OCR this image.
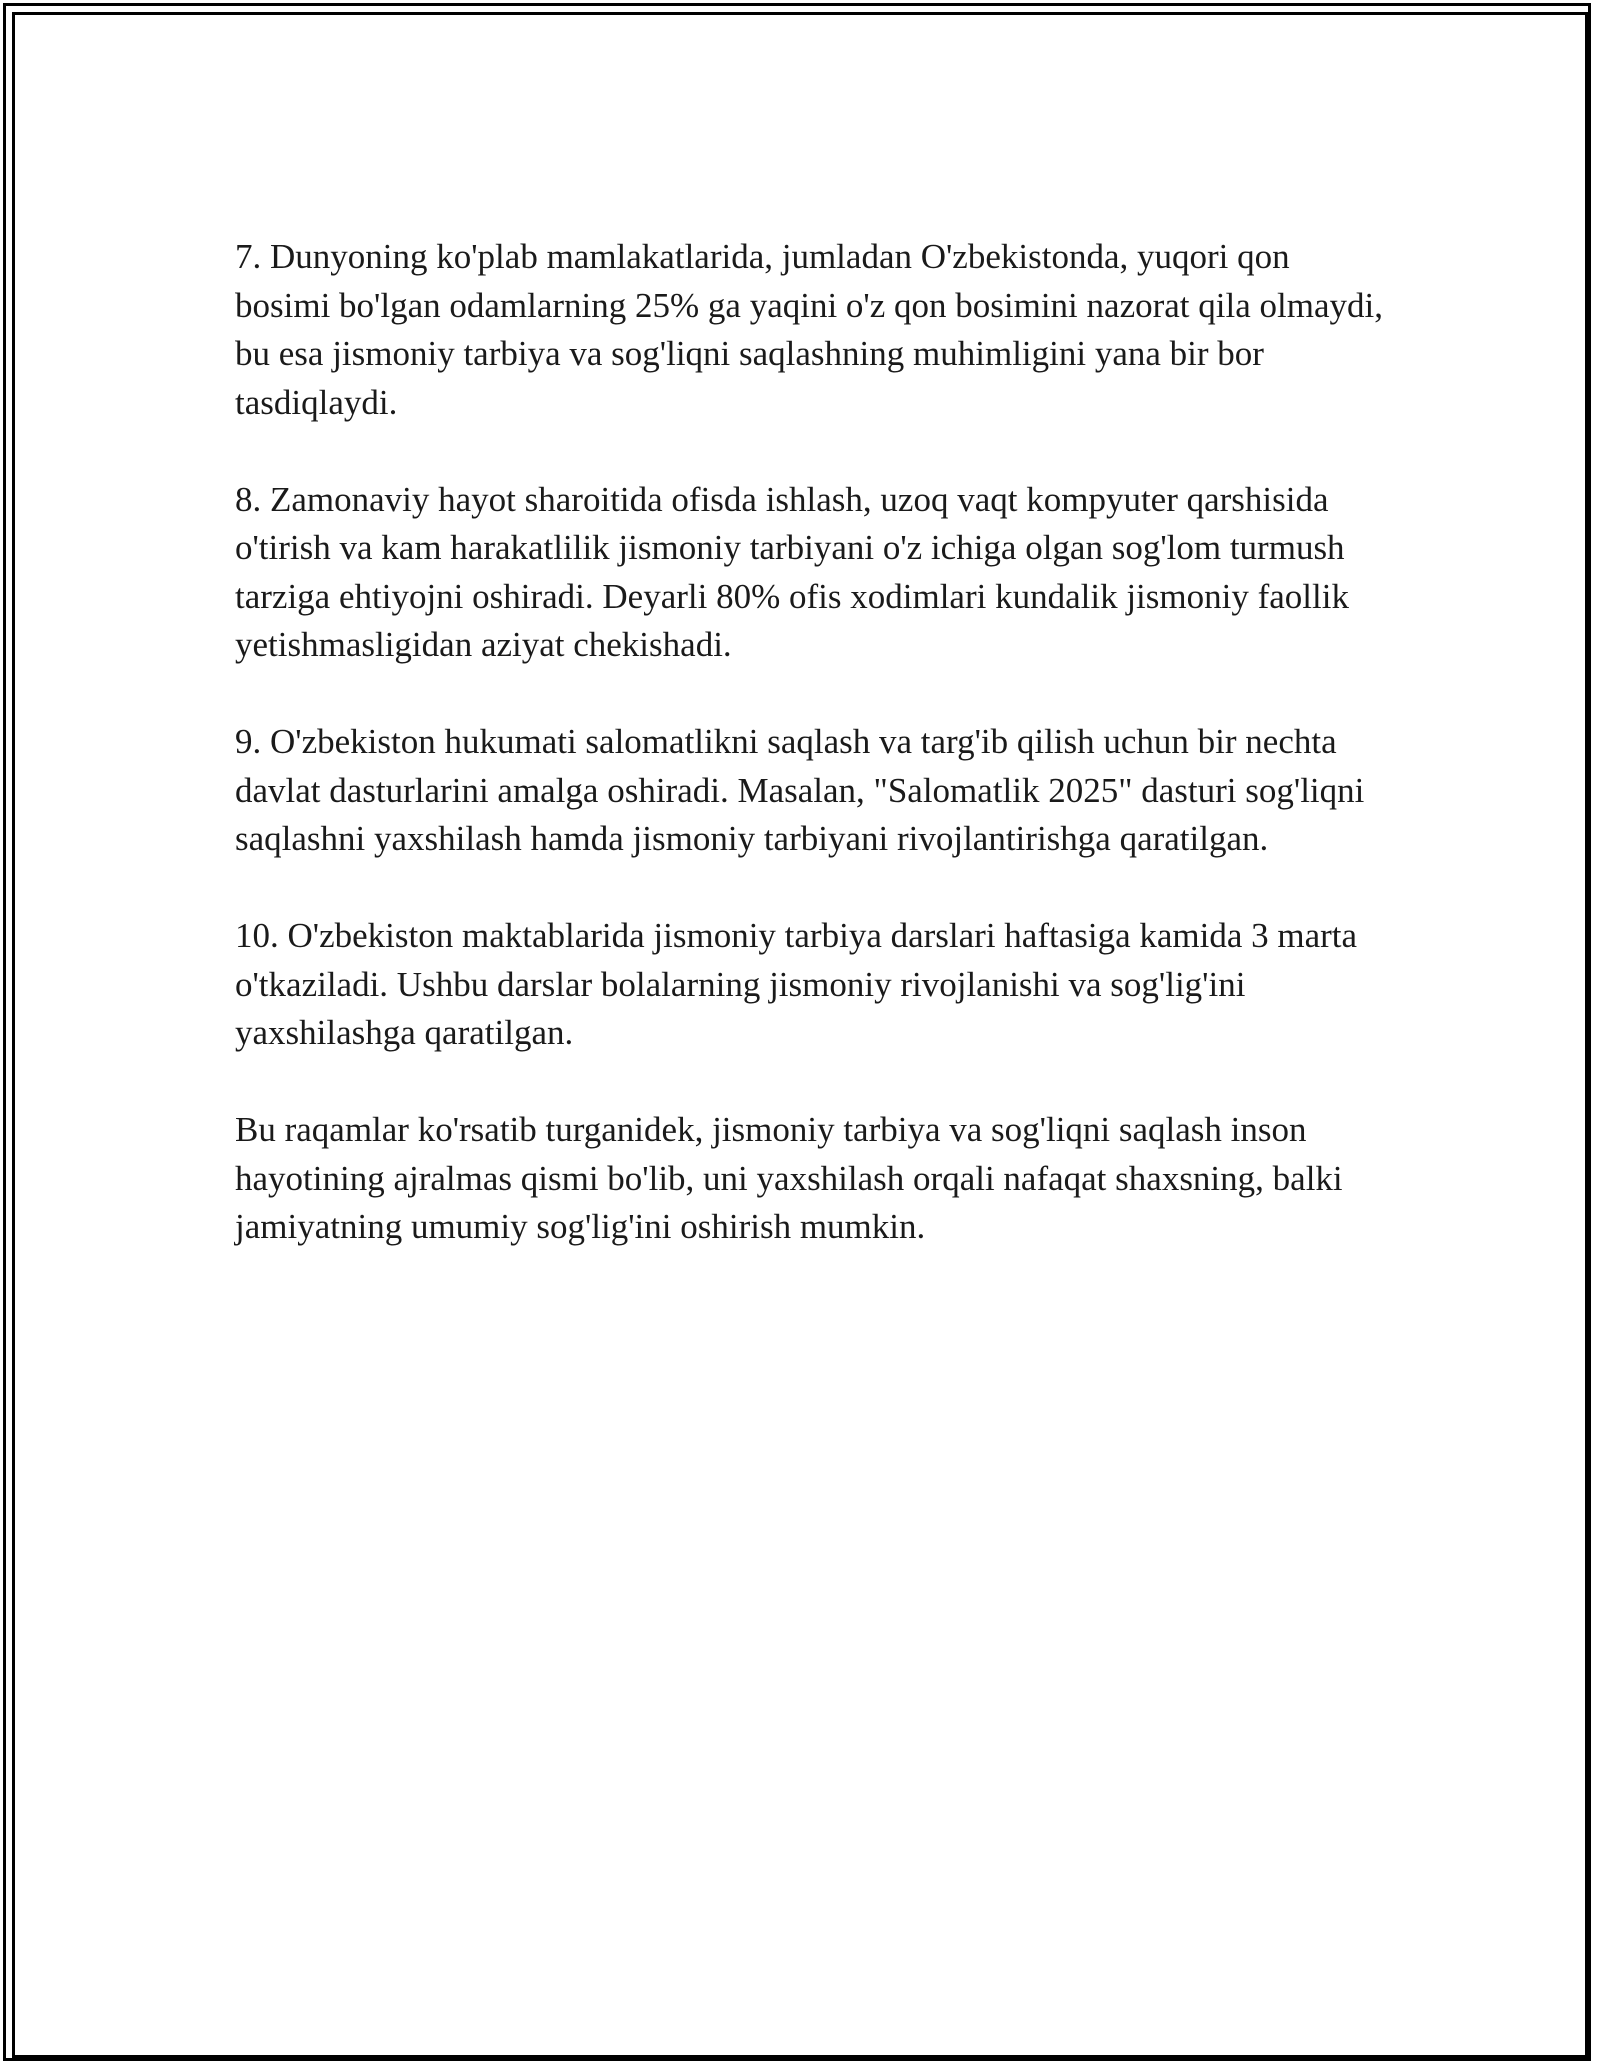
7. Dunyoning ko'plab mamlakatlarida, jumladan O'zbekistonda, yuqori qon bosimi bo'lgan odamlarning 25% ga yaqini o'z qon bosimini nazorat qila olmaydi, bu esa jismoniy tarbiya va sog'liqni saqlashning muhimligini yana bir bor tasdiqlaydi.

8. Zamonaviy hayot sharoitida ofisda ishlash, uzoq vaqt kompyuter qarshisida o'tirish va kam harakatlilik jismoniy tarbiyani o'z ichiga olgan sog'lom turmush tarziga ehtiyojni oshiradi. Deyarli 80% ofis xodimlari kundalik jismoniy faollik yetishmasligidan aziyat chekishadi.

9. O'zbekiston hukumati salomatlikni saqlash va targ'ib qilish uchun bir nechta davlat dasturlarini amalga oshiradi. Masalan, "Salomatlik 2025" dasturi sog'liqni saqlashni yaxshilash hamda jismoniy tarbiyani rivojlantirishga qaratilgan.

10. O'zbekiston maktablarida jismoniy tarbiya darslari haftasiga kamida 3 marta o'tkaziladi. Ushbu darslar bolalarning jismoniy rivojlanishi va sog'lig'ini yaxshilashga qaratilgan.

Bu raqamlar ko'rsatib turganidek, jismoniy tarbiya va sog'liqni saqlash inson hayotining ajralmas qismi bo'lib, uni yaxshilash orqali nafaqat shaxsning, balki jamiyatning umumiy sog'lig'ini oshirish mumkin.
